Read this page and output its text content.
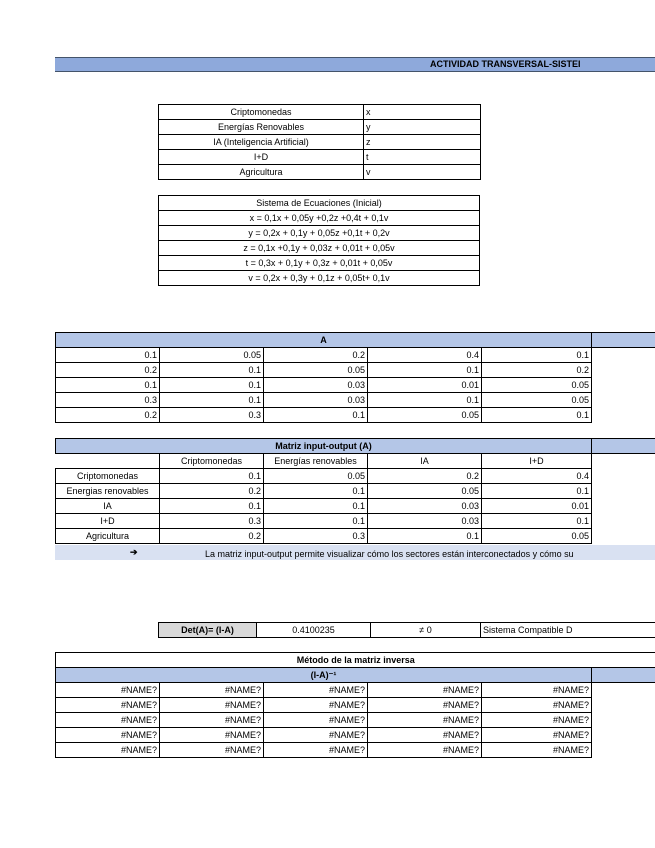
ACTIVIDAD TRANSVERSAL-SISTEI
Criptomonedas	x
Energías Renovables	y
IA (Inteligencia Artificial)	z
I+D	t
Agricultura	v
Sistema de Ecuaciones (Inicial)
x = 0,1x + 0,05y +0,2z +0,4t + 0,1v
y = 0,2x + 0,1y + 0,05z +0,1t + 0,2v
z = 0,1x +0,1y + 0,03z + 0,01t + 0,05v
t = 0,3x + 0,1y + 0,3z + 0,01t + 0,05v
v = 0,2x + 0,3y + 0,1z + 0,05t+ 0,1v
A					
0.1	0.05	0.2	0.4	0.1	
0.2	0.1	0.05	0.1	0.2	
0.1	0.1	0.03	0.01	0.05	
0.3	0.1	0.03	0.1	0.05	
0.2	0.3	0.1	0.05	0.1	
Matriz input-output (A)					
	Criptomonedas	Energías renovables	IA	I+D	
Criptomonedas	0.1	0.05	0.2	0.4	
Energias renovables	0.2	0.1	0.05	0.1	
IA	0.1	0.1	0.03	0.01	
I+D	0.3	0.1	0.03	0.1	
Agricultura	0.2	0.3	0.1	0.05	
➔	La matriz input-output permite visualizar cómo los sectores están interconectados y cómo su
Det(A)= (I-A)	0.4100235	≠ 0	Sistema Compatible D
Método de la matriz inversa					
(I-A)⁻¹					
#NAME?	#NAME?	#NAME?	#NAME?	#NAME?	
#NAME?	#NAME?	#NAME?	#NAME?	#NAME?	
#NAME?	#NAME?	#NAME?	#NAME?	#NAME?	
#NAME?	#NAME?	#NAME?	#NAME?	#NAME?	
#NAME?	#NAME?	#NAME?	#NAME?	#NAME?	
